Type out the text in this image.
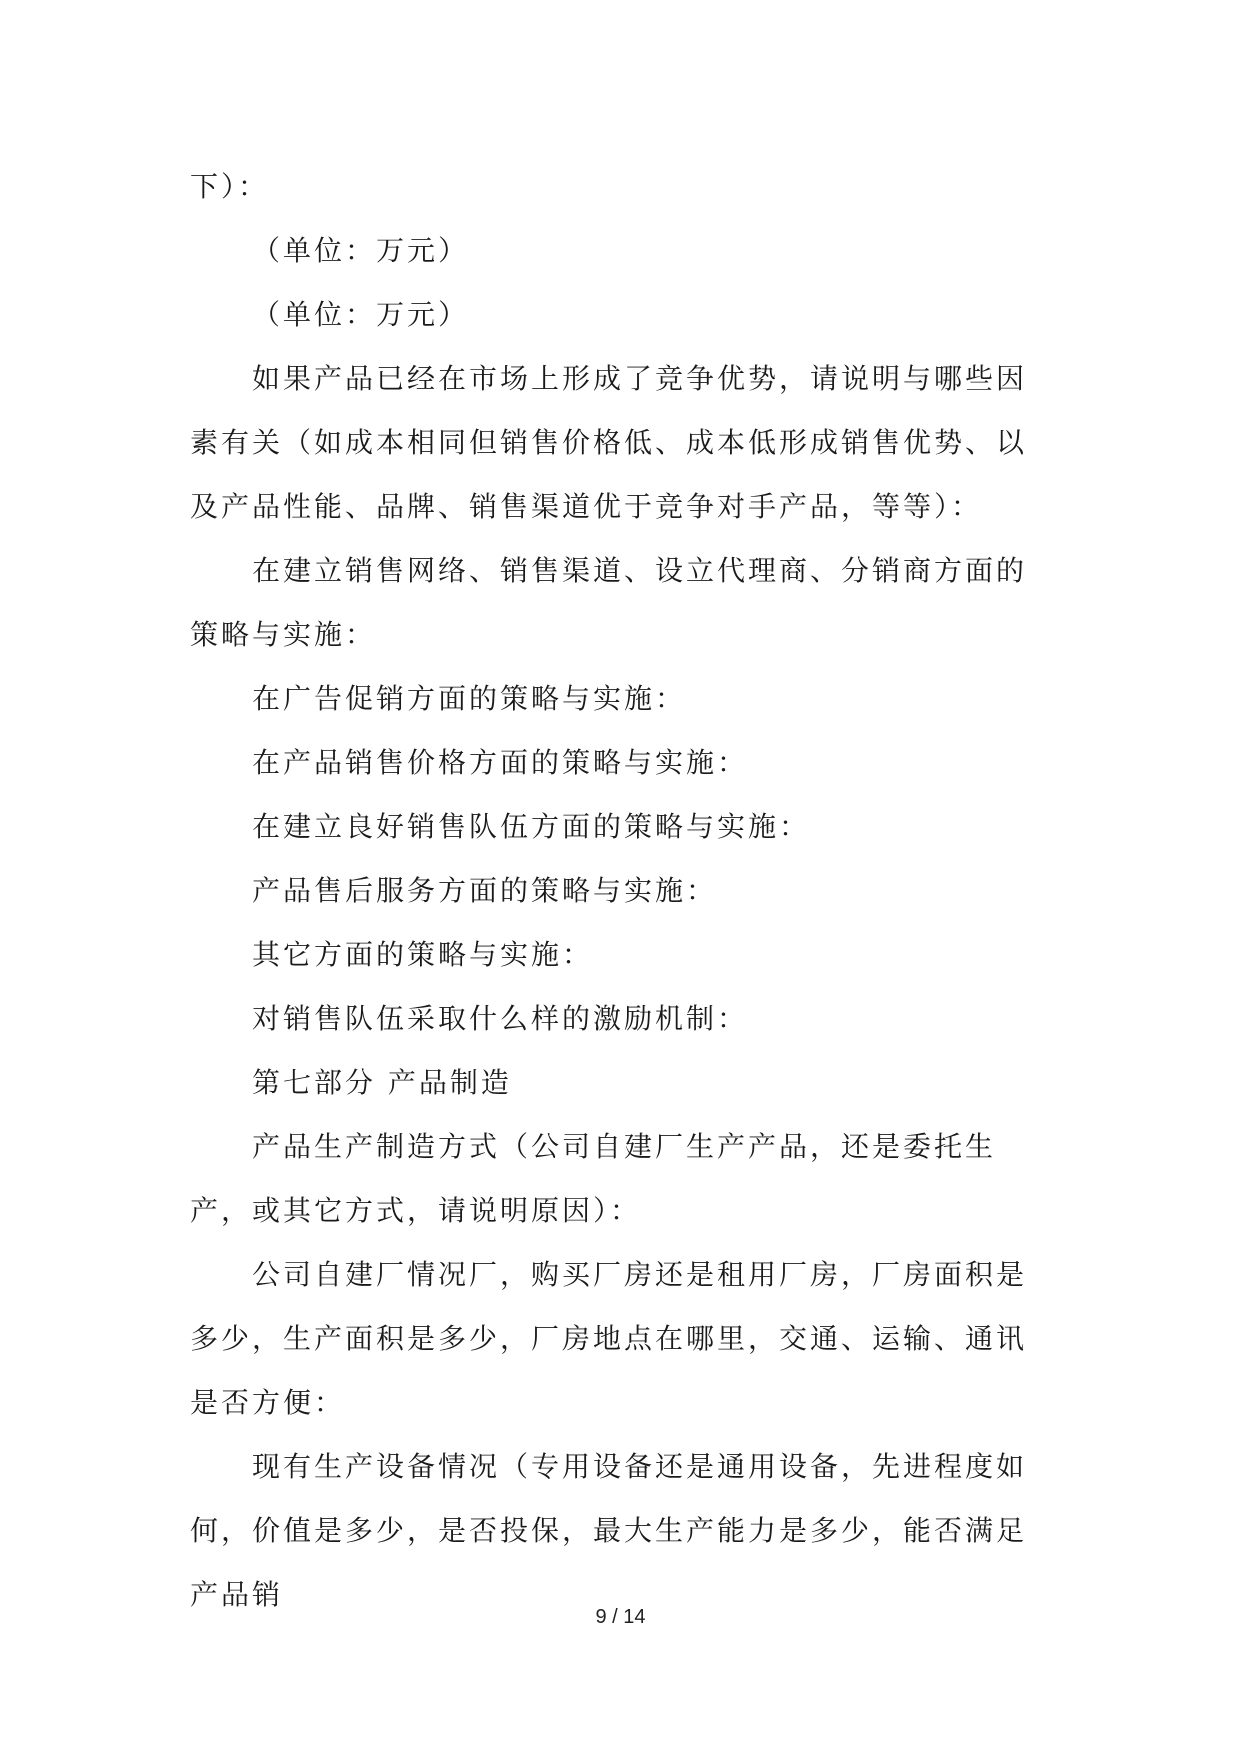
下）：

（单位：万元）

（单位：万元）

如果产品已经在市场上形成了竞争优势，请说明与哪些因素有关（如成本相同但销售价格低、成本低形成销售优势、以及产品性能、品牌、销售渠道优于竞争对手产品，等等）：

在建立销售网络、销售渠道、设立代理商、分销商方面的策略与实施：

在广告促销方面的策略与实施：

在产品销售价格方面的策略与实施：

在建立良好销售队伍方面的策略与实施：

产品售后服务方面的策略与实施：

其它方面的策略与实施：

对销售队伍采取什么样的激励机制：

第七部分 产品制造

产品生产制造方式（公司自建厂生产产品，还是委托生产，或其它方式，请说明原因）：

公司自建厂情况厂，购买厂房还是租用厂房，厂房面积是多少，生产面积是多少，厂房地点在哪里，交通、运输、通讯是否方便：

现有生产设备情况（专用设备还是通用设备，先进程度如何，价值是多少，是否投保，最大生产能力是多少，能否满足产品销

9 / 14
